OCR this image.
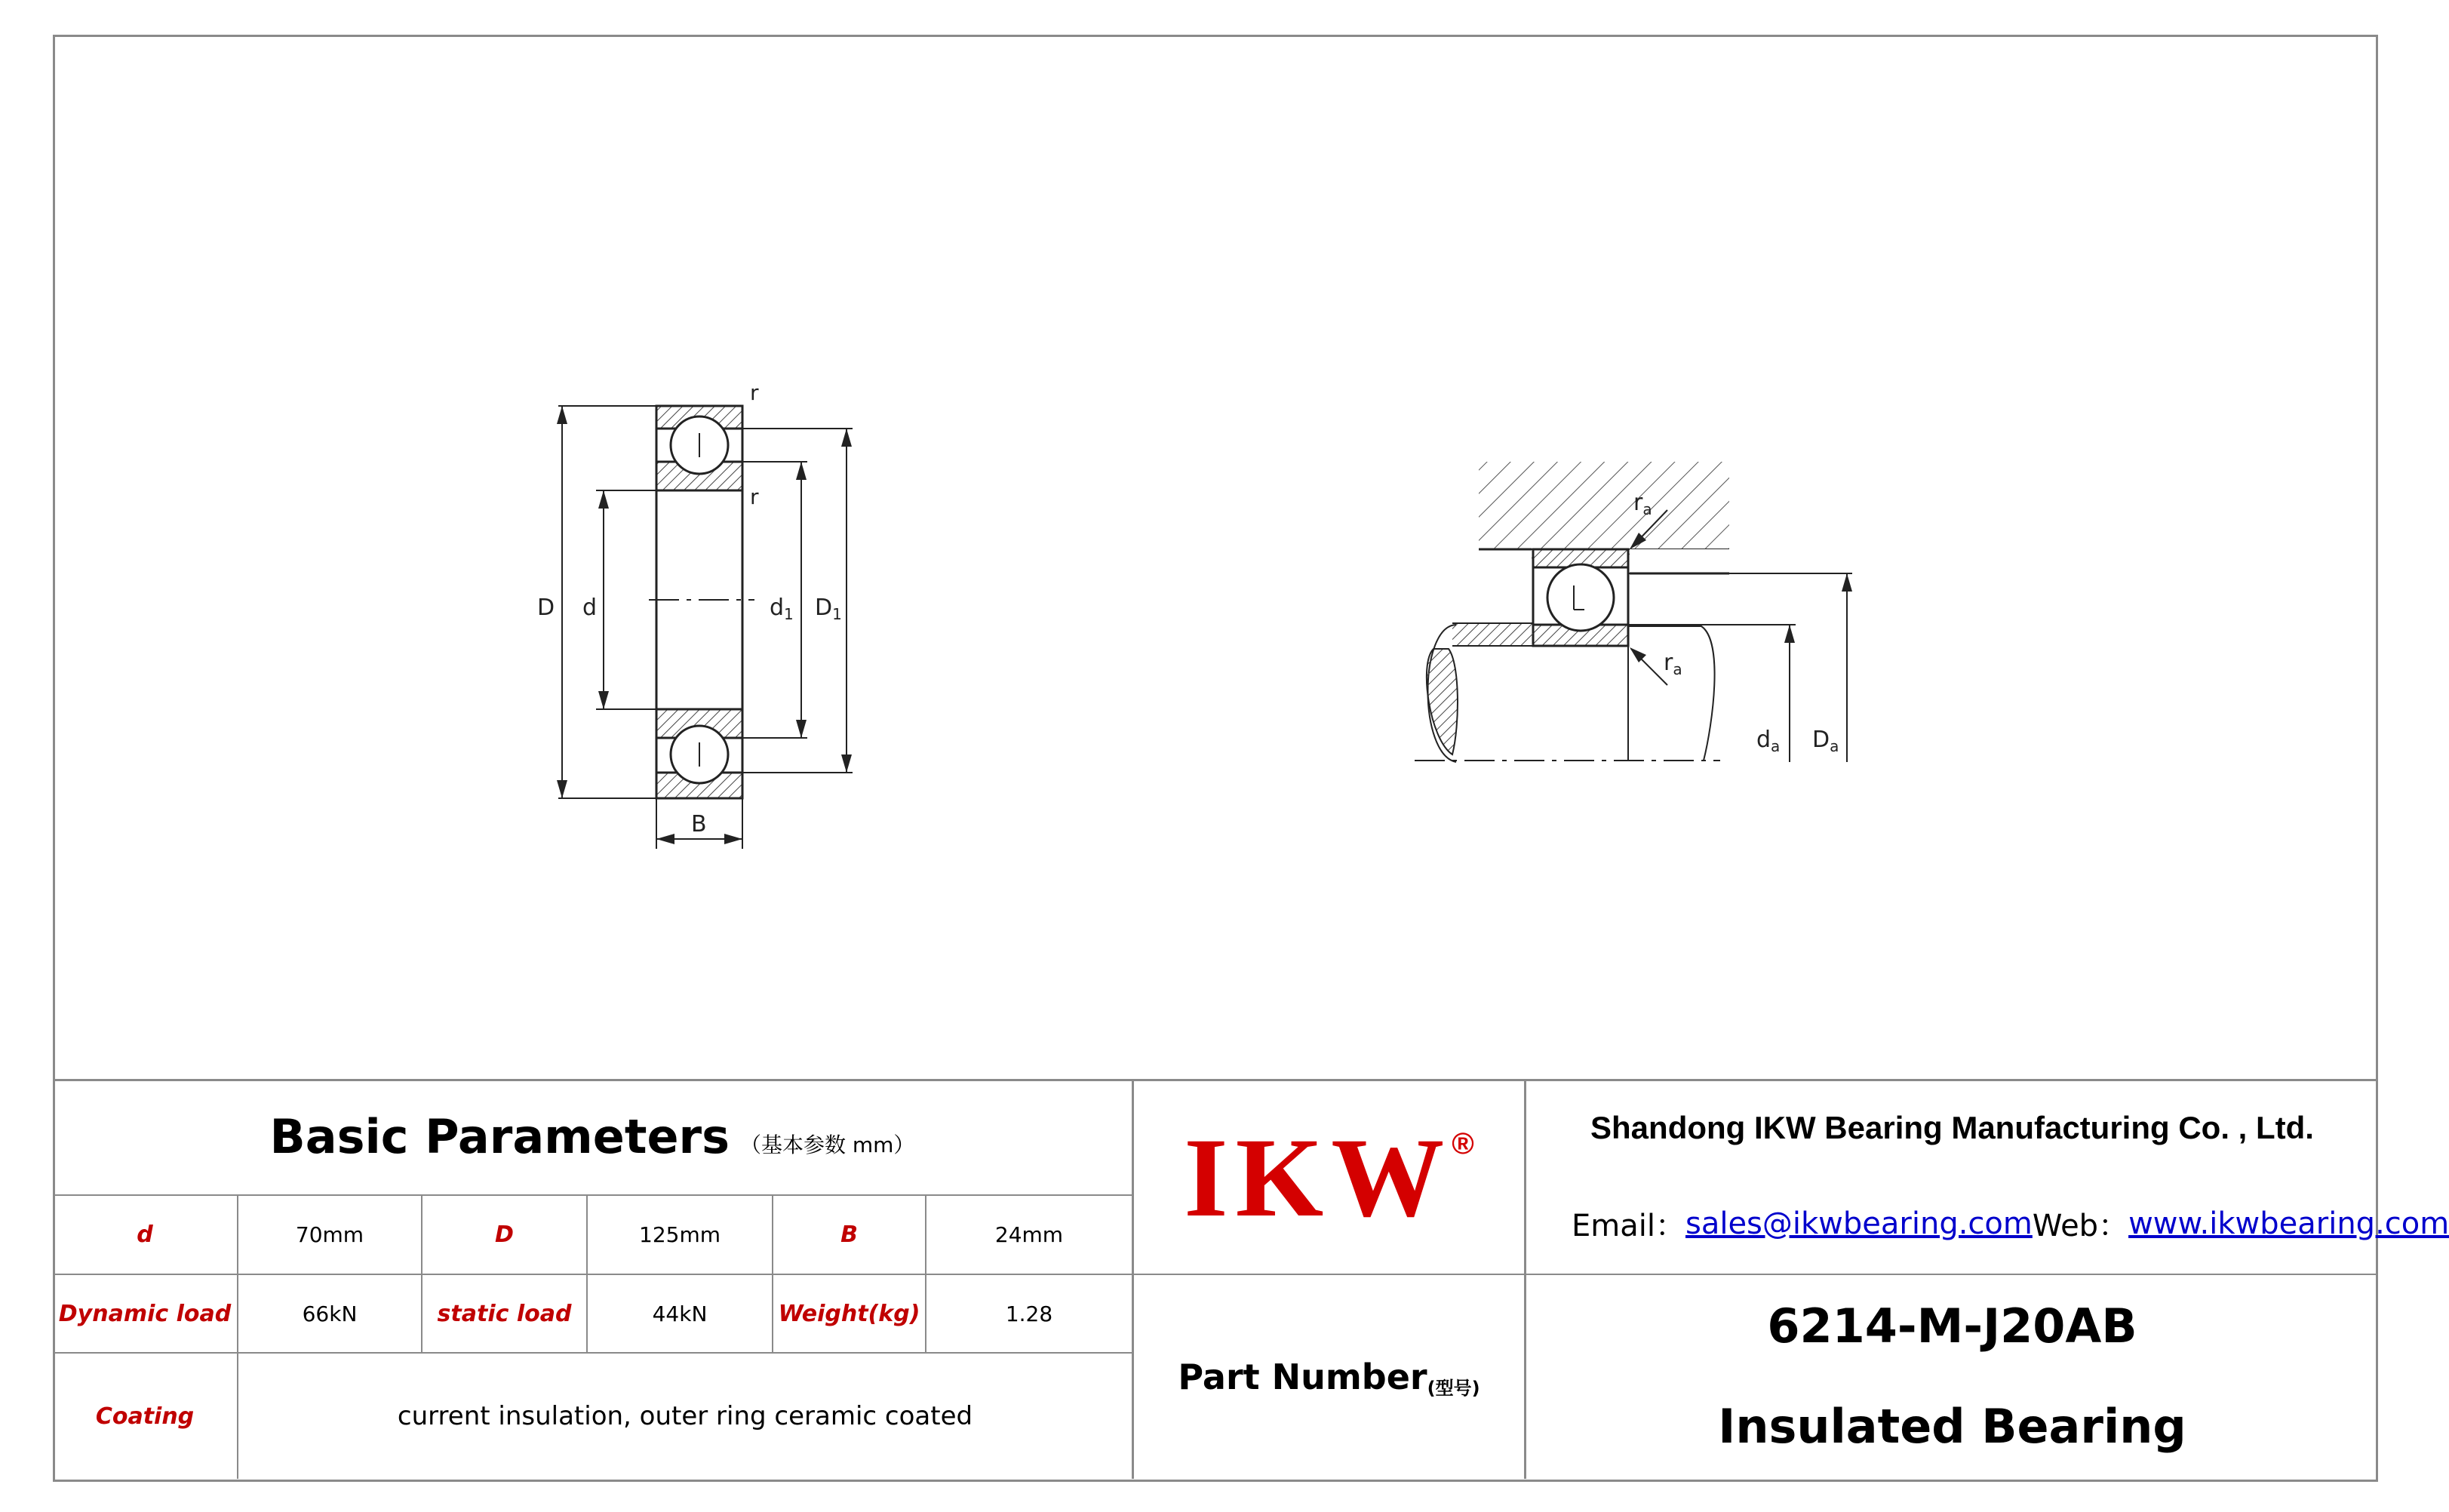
D d	$d_1$ $D_1$
B
r
r	$r_a$
$r_a$
$d_a$ $D_a$
Basic Parameters （基本参数 mm）
d	70mm	D	125mm	B	24mm
Dynamic load	66kN	static load	44kN	Weight(kg)	1.28
Coating	current insulation, outer ring ceramic coated
IKW ®	Shandong IKW Bearing Manufacturing Co. , Ltd.
Email： sales@ikwbearing.com Web： www.ikwbearing.com
Part Number (型号)
6214-M-J20AB
Insulated Bearing
